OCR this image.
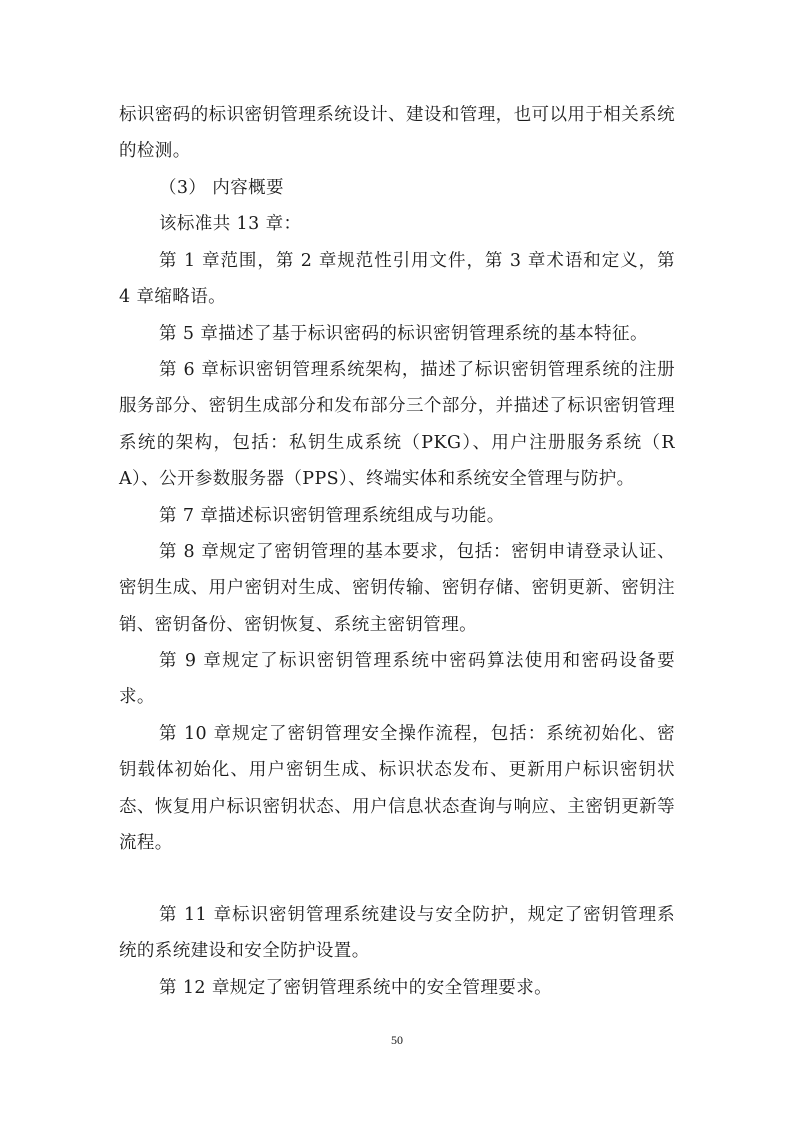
标识密码的标识密钥管理系统设计、建设和管理，也可以用于相关系统的检测。

（3） 内容概要

该标准共 13 章：

第 1 章范围，第 2 章规范性引用文件，第 3 章术语和定义，第 4 章缩略语。

第 5 章描述了基于标识密码的标识密钥管理系统的基本特征。

第 6 章标识密钥管理系统架构，描述了标识密钥管理系统的注册服务部分、密钥生成部分和发布部分三个部分，并描述了标识密钥管理系统的架构，包括：私钥生成系统（PKG）、用户注册服务系统（RA）、公开参数服务器（PPS）、终端实体和系统安全管理与防护。

第 7 章描述标识密钥管理系统组成与功能。

第 8 章规定了密钥管理的基本要求，包括：密钥申请登录认证、密钥生成、用户密钥对生成、密钥传输、密钥存储、密钥更新、密钥注销、密钥备份、密钥恢复、系统主密钥管理。

第 9 章规定了标识密钥管理系统中密码算法使用和密码设备要求。

第 10 章规定了密钥管理安全操作流程，包括：系统初始化、密钥载体初始化、用户密钥生成、标识状态发布、更新用户标识密钥状态、恢复用户标识密钥状态、用户信息状态查询与响应、主密钥更新等流程。

第 11 章标识密钥管理系统建设与安全防护，规定了密钥管理系统的系统建设和安全防护设置。

第 12 章规定了密钥管理系统中的安全管理要求。

50
